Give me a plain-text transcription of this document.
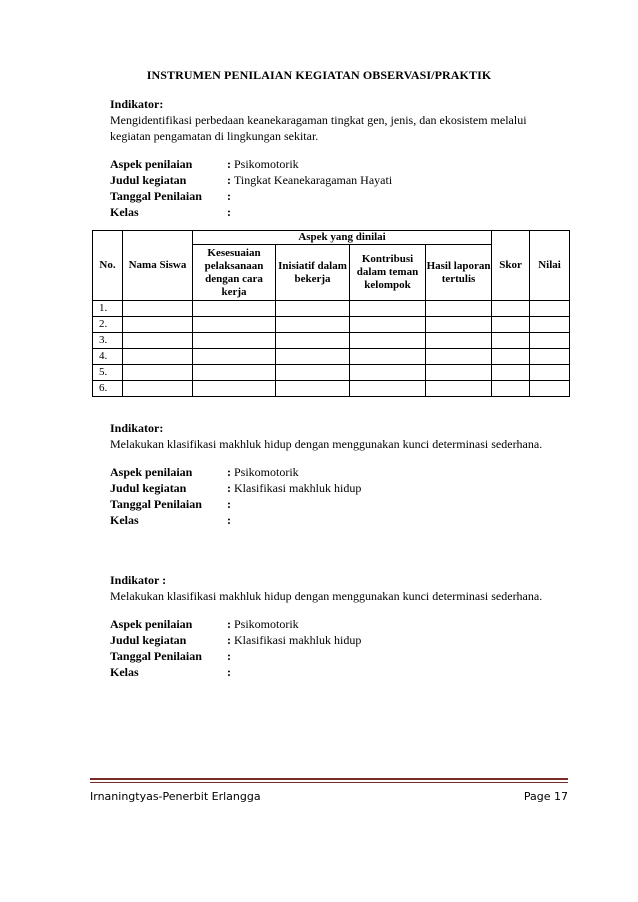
INSTRUMEN PENILAIAN KEGIATAN OBSERVASI/PRAKTIK
Indikator:
Mengidentifikasi perbedaan keanekaragaman tingkat gen, jenis, dan ekosistem melalui kegiatan pengamatan di lingkungan sekitar.
Aspek penilaian	: Psikomotorik
Judul kegiatan	: Tingkat Keanekaragaman Hayati
Tanggal Penilaian	:
Kelas	:
No.	Nama Siswa	Aspek yang dinilai				Skor	Nilai
		Kesesuaian pelaksanaan dengan cara kerja	Inisiatif dalam bekerja	Kontribusi dalam teman kelompok	Hasil laporan tertulis		
1.							
2.							
3.							
4.							
5.							
6.							
Indikator:
Melakukan klasifikasi makhluk hidup dengan menggunakan kunci determinasi sederhana.
Aspek penilaian	: Psikomotorik
Judul kegiatan	: Klasifikasi makhluk hidup
Tanggal Penilaian	:
Kelas	:
Indikator :
Melakukan klasifikasi makhluk hidup dengan menggunakan kunci determinasi sederhana.
Aspek penilaian	: Psikomotorik
Judul kegiatan	: Klasifikasi makhluk hidup
Tanggal Penilaian	:
Kelas	:
Irnaningtyas-Penerbit Erlangga	Page 17
